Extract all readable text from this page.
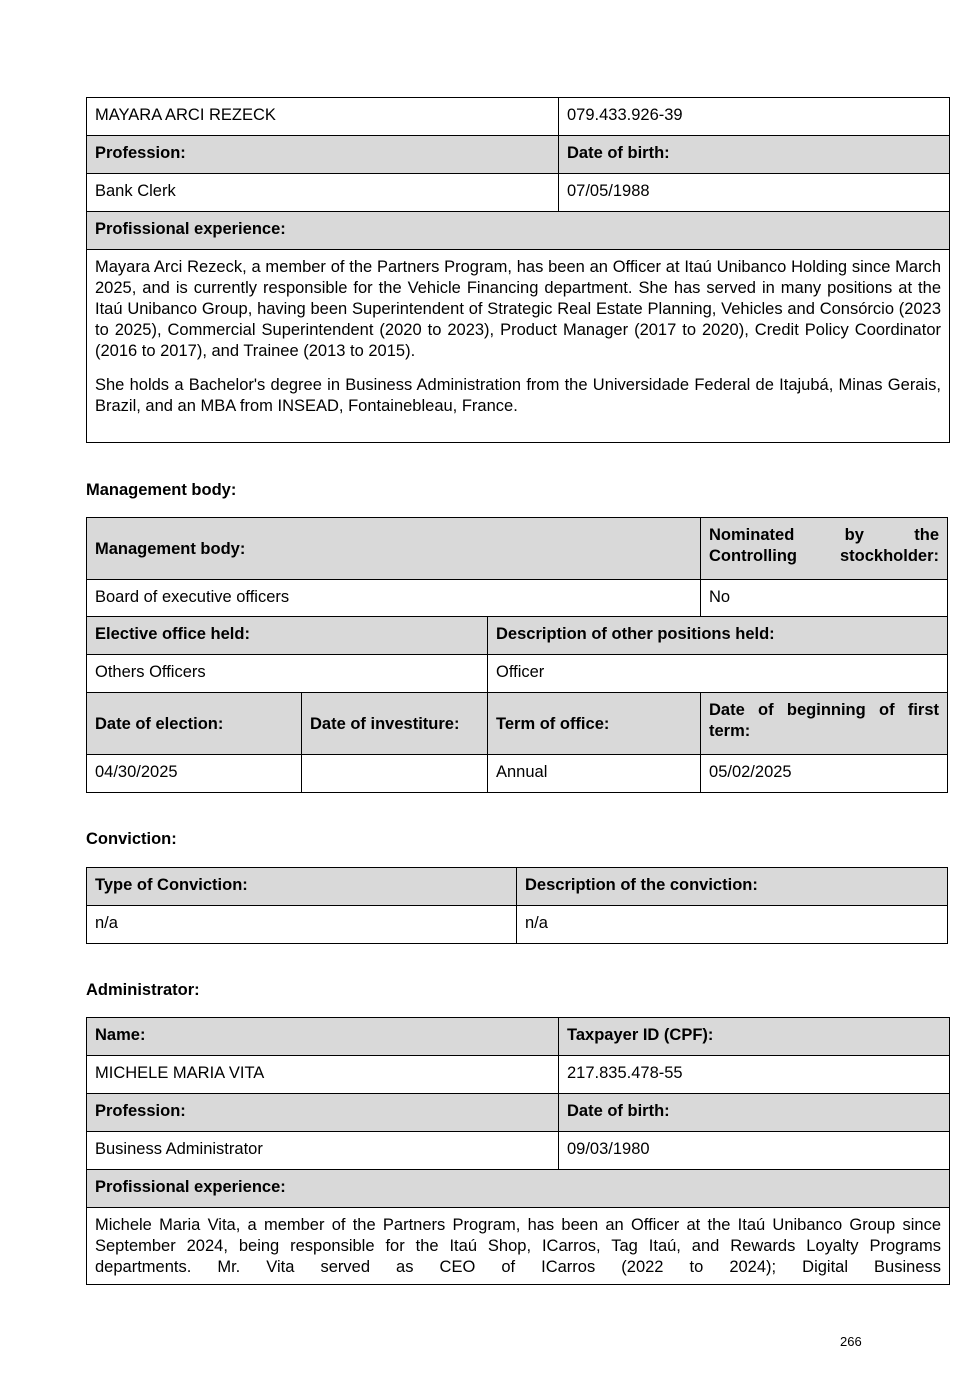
MAYARA ARCI REZECK	079.433.926-39
Profession:	Date of birth:
Bank Clerk	07/05/1988
Profissional experience:	

Mayara Arci Rezeck, a member of the Partners Program, has been an Officer at Itaú Unibanco Holding since March 2025, and is currently responsible for the Vehicle Financing department. She has served in many positions at the Itaú Unibanco Group, having been Superintendent of Strategic Real Estate Planning, Vehicles and Consórcio (2023 to 2025), Commercial Superintendent (2020 to 2023), Product Manager (2017 to 2020), Credit Policy Coordinator (2016 to 2017), and Trainee (2013 to 2015).

She holds a Bachelor's degree in Business Administration from the Universidade Federal de Itajubá, Minas Gerais, Brazil, and an MBA from INSEAD, Fontainebleau, France.	

Management body:
Management body:			Nominated by the Controlling stockholder:
Board of executive officers			No
Elective office held:		Description of other positions held:	
Others Officers		Officer	
Date of election:	Date of investiture:	Term of office:	Date of beginning of first term:
04/30/2025		Annual	05/02/2025
Conviction:
Type of Conviction:	Description of the conviction:
n/a	n/a
Administrator:
Name:	Taxpayer ID (CPF):
MICHELE MARIA VITA	217.835.478-55
Profession:	Date of birth:
Business Administrator	09/03/1980
Profissional experience:	

Michele Maria Vita, a member of the Partners Program, has been an Officer at the Itaú Unibanco Group since September 2024, being responsible for the Itaú Shop, ICarros, Tag Itaú, and Rewards Loyalty Programs departments. Mr. Vita served as CEO of ICarros (2022 to 2024); Digital Business	

266
